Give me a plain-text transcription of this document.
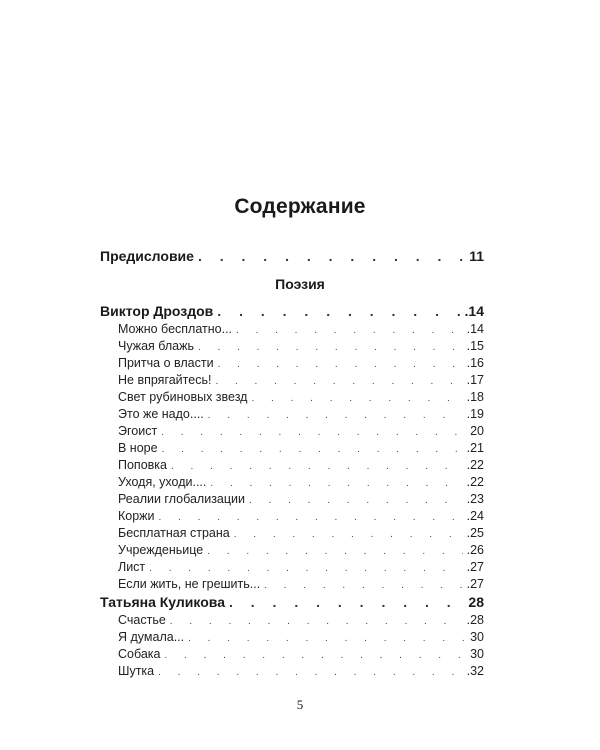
Содержание
Предисловие . . .	11
Виктор Дроздов . . .	.14
Можно бесплатно... . . .	.14
Чужая блажь . . .	.15
Притча о власти . . .	.16
Не впрягайтесь! . . .	.17
Свет рубиновых звезд . . .	.18
Это же надо.... . . .	.19
Эгоист . . .	20
В норе . . .	.21
Поповка . . .	.22
Уходя, уходи.... . . .	.22
Реалии глобализации . . .	.23
Коржи . . .	.24
Бесплатная страна . . .	.25
Учрежденьице . . .	.26
Лист . . .	.27
Если жить, не грешить... . . .	.27
Татьяна Куликова . . .	28
Счастье . . .	.28
Я думала... . . .	30
Собака . . .	30
Шутка . . .	.32
Поэзия
5
